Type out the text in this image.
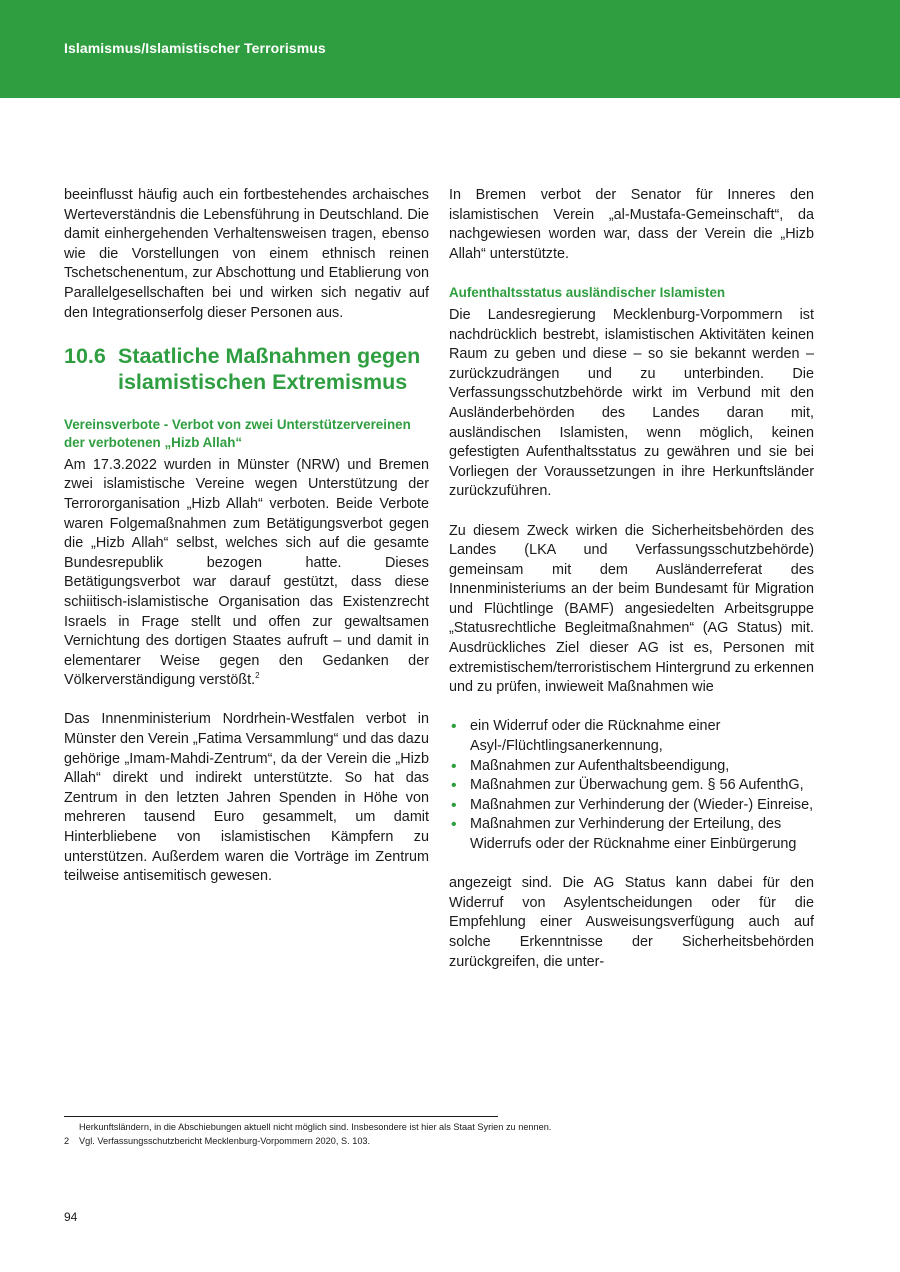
Islamismus/Islamistischer Terrorismus

beeinflusst häufig auch ein fortbestehendes archaisches Werteverständnis die Lebensführung in Deutschland. Die damit einhergehenden Verhaltensweisen tragen, ebenso wie die Vorstellungen von einem ethnisch reinen Tschetschenentum, zur Abschottung und Etablierung von Parallelgesellschaften bei und wirken sich negativ auf den Integrationserfolg dieser Personen aus.

10.6 Staatliche Maßnahmen gegen islamistischen Extremismus
Vereinsverbote - Verbot von zwei Unterstützervereinen der verbotenen „Hizb Allah“

Am 17.3.2022 wurden in Münster (NRW) und Bremen zwei islamistische Vereine wegen Unterstützung der Terrororganisation „Hizb Allah“ verboten. Beide Verbote waren Folgemaßnahmen zum Betätigungsverbot gegen die „Hizb Allah“ selbst, welches sich auf die gesamte Bundesrepublik bezogen hatte. Dieses Betätigungsverbot war darauf gestützt, dass diese schiitisch-islamistische Organisation das Existenzrecht Israels in Frage stellt und offen zur gewaltsamen Vernichtung des dortigen Staates aufruft – und damit in elementarer Weise gegen den Gedanken der Völkerverständigung verstößt.$^2$

Das Innenministerium Nordrhein-Westfalen verbot in Münster den Verein „Fatima Versammlung“ und das dazu gehörige „Imam-Mahdi-Zentrum“, da der Verein die „Hizb Allah“ direkt und indirekt unterstützte. So hat das Zentrum in den letzten Jahren Spenden in Höhe von mehreren tausend Euro gesammelt, um damit Hinterbliebene von islamistischen Kämpfern zu unterstützen. Außerdem waren die Vorträge im Zentrum teilweise antisemitisch gewesen.

In Bremen verbot der Senator für Inneres den islamistischen Verein „al-Mustafa-Gemeinschaft“, da nachgewiesen worden war, dass der Verein die „Hizb Allah“ unterstützte.

Aufenthaltsstatus ausländischer Islamisten

Die Landesregierung Mecklenburg-Vorpommern ist nachdrücklich bestrebt, islamistischen Aktivitäten keinen Raum zu geben und diese – so sie bekannt werden – zurückzudrängen und zu unterbinden. Die Verfassungsschutzbehörde wirkt im Verbund mit den Ausländerbehörden des Landes daran mit, ausländischen Islamisten, wenn möglich, keinen gefestigten Aufenthaltsstatus zu gewähren und sie bei Vorliegen der Voraussetzungen in ihre Herkunftsländer zurückzuführen.

Zu diesem Zweck wirken die Sicherheitsbehörden des Landes (LKA und Verfassungsschutzbehörde) gemeinsam mit dem Ausländerreferat des Innenministeriums an der beim Bundesamt für Migration und Flüchtlinge (BAMF) angesiedelten Arbeitsgruppe „Statusrechtliche Begleitmaßnahmen“ (AG Status) mit. Ausdrückliches Ziel dieser AG ist es, Personen mit extremistischem/terroristischem Hintergrund zu erkennen und zu prüfen, inwieweit Maßnahmen wie

• ein Widerruf oder die Rücknahme einer Asyl-/Flüchtlingsanerkennung,
• Maßnahmen zur Aufenthaltsbeendigung,
• Maßnahmen zur Überwachung gem. § 56 AufenthG,
• Maßnahmen zur Verhinderung der (Wieder-) Einreise,
• Maßnahmen zur Verhinderung der Erteilung, des Widerrufs oder der Rücknahme einer Einbürgerung

angezeigt sind. Die AG Status kann dabei für den Widerruf von Asylentscheidungen oder für die Empfehlung einer Ausweisungsverfügung auch auf solche Erkenntnisse der Sicherheitsbehörden zurückgreifen, die unter-

Herkunftsländern, in die Abschiebungen aktuell nicht möglich sind. Insbesondere ist hier als Staat Syrien zu nennen.
2	Vgl. Verfassungsschutzbericht Mecklenburg-Vorpommern 2020, S. 103.
94
